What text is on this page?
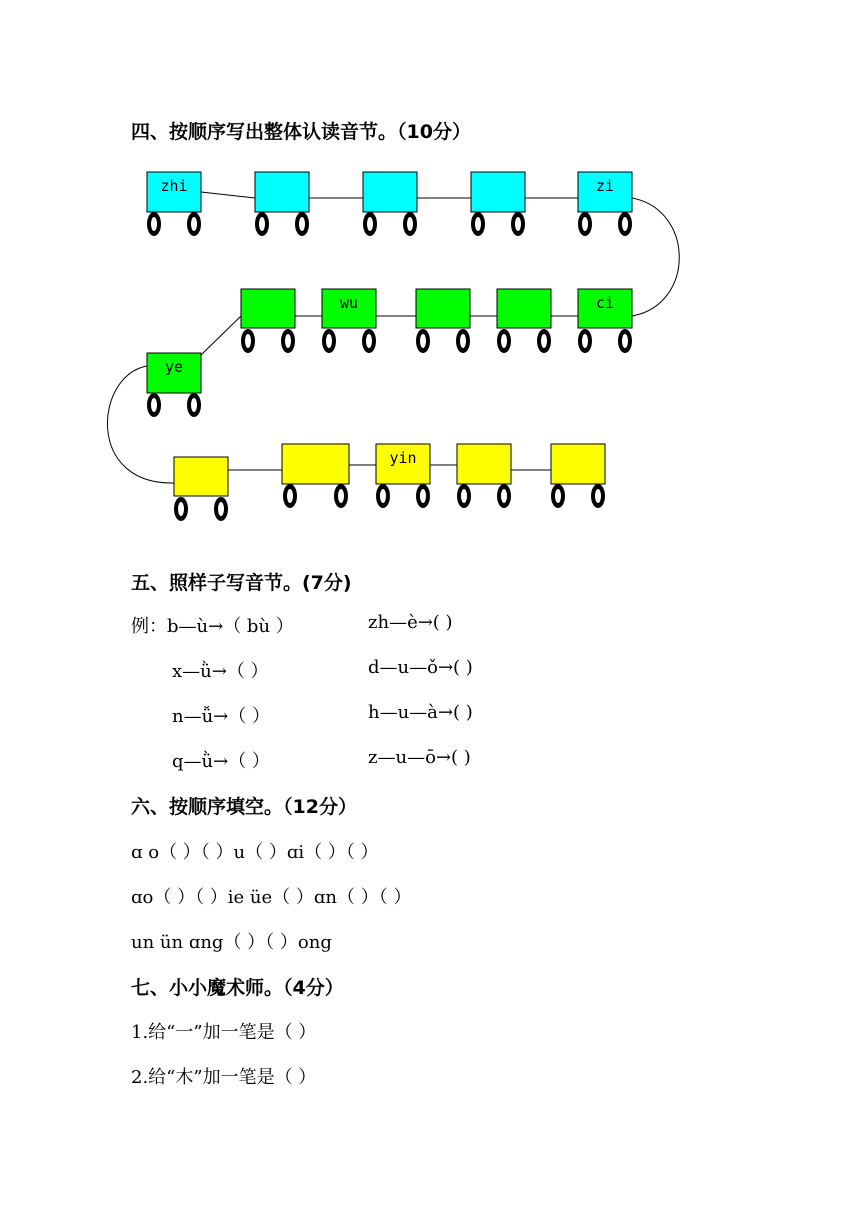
四、按顺序写出整体认读音节。（10分）
zhi	zi
wu	ci
ye
yin
五、照样子写音节。(7分)
例：b—ù→（ bù ）	zh—è→( )
x—ǜ→（ ）	d—u—ǒ→( )
n—ǚ→（ ）	h—u—à→( )
q—ǜ→（ ）	z—u—ō→( )
六、按顺序填空。（12分）
ɑ o（ ）（ ）u（ ）ɑi（ ）（ ）
ɑo（ ）（ ）ie üe（ ）ɑn（ ）（ ）
un ün ɑng（ ）（ ）ong
七、小小魔术师。（4分）
1.给“一”加一笔是（ ）
2.给“木”加一笔是（ ）
